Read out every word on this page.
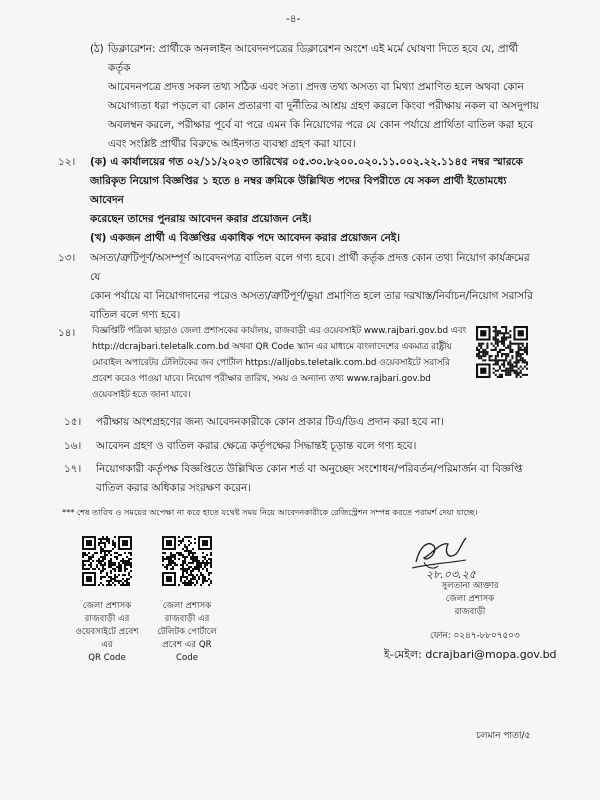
-৪-
(ঠ) ডিক্লারেশন: প্রার্থীকে অনলাইন আবেদনপত্রের ডিক্লারেশন অংশে এই মর্মে ঘোষণা দিতে হবে যে, প্রার্থী কর্তৃক
আবেদনপত্রে প্রদত্ত সকল তথ্য সঠিক এবং সত্য। প্রদত্ত তথ্য অসত্য বা মিথ্যা প্রমাণিত হলে অথবা কোন
অযোগ্যতা ধরা পড়লে বা কোন প্রতারণা বা দুর্নীতির আশ্রয় গ্রহণ করলে কিংবা পরীক্ষায় নকল বা অসদুপায়
অবলম্বন করলে, পরীক্ষার পূর্বে বা পরে এমন কি নিয়োগের পরে যে কোন পর্যায়ে প্রার্থিতা বাতিল করা হবে
এবং সংশ্লিষ্ট প্রার্থীর বিরুদ্ধে আইনগত ব্যবস্থা গ্রহণ করা যাবে।
১২। (ক) এ কার্যালয়ের গত ০২/১১/২০২৩ তারিখের ০৫.৩০.৮২০০.০২০.১১.০০২.২২.১১৪৫ নম্বর স্মারকে
জারিকৃত নিয়োগ বিজ্ঞপ্তির ১ হতে ৪ নম্বর ক্রমিকে উল্লিখিত পদের বিপরীতে যে সকল প্রার্থী ইতোমধ্যে আবেদন
করেছেন তাদের পুনরায় আবেদন করার প্রয়োজন নেই।
(খ) একজন প্রার্থী এ বিজ্ঞপ্তির একাধিক পদে আবেদন করার প্রয়োজন নেই।
১৩। অসত্য/ত্রুটিপূর্ণ/অসম্পূর্ণ আবেদনপত্র বাতিল বলে গণ্য হবে। প্রার্থী কর্তৃক প্রদত্ত কোন তথ্য নিয়োগ কার্যক্রমের যে
কোন পর্যায়ে বা নিয়োগদানের পরেও অসত্য/ত্রুটিপূর্ণ/ভুয়া প্রমাণিত হলে তার দরখাস্ত/নির্বাচন/নিয়োগ সরাসরি
বাতিল বলে গণ্য হবে।
১৪। বিজ্ঞপ্তিটি পত্রিকা ছাড়াও জেলা প্রশাসকের কার্যালয়, রাজবাড়ী এর ওয়েবসাইট www.rajbari.gov.bd এবং
http://dcrajbari.teletalk.com.bd অথবা QR Code স্ক্যান এর মাধ্যমে বাংলাদেশের একমাত্র রাষ্ট্রীয়
মোবাইল অপারেটর টেলিটকের জব পোর্টাল https://alljobs.teletalk.com.bd ওয়েবসাইটে সরাসরি
প্রবেশ করেও পাওয়া যাবে। নিয়োগ পরীক্ষার তারিখ, সময় ও অন্যান্য তথ্য www.rajbari.gov.bd
ওয়েবসাইট হতে জানা যাবে।
১৫। পরীক্ষায় অংশগ্রহণের জন্য আবেদনকারীকে কোন প্রকার টিএ/ডিএ প্রদান করা হবে না।
১৬। আবেদন গ্রহণ ও বাতিল করার ক্ষেত্রে কর্তৃপক্ষের সিদ্ধান্তই চূড়ান্ত বলে গণ্য হবে।
১৭। নিয়োগকারী কর্তৃপক্ষ বিজ্ঞপ্তিতে উল্লিখিত কোন শর্ত বা অনুচ্ছেদ সংশোধন/পরিবর্তন/পরিমার্জন বা বিজ্ঞপ্তি
বাতিল করার অধিকার সংরক্ষণ করেন।
*** শেষ তারিখ ও সময়ের অপেক্ষা না করে হাতে যথেষ্ট সময় নিয়ে আবেদনকারীকে রেজিস্ট্রেশন সম্পন্ন করতে পরামর্শ দেয়া যাচ্ছে।
জেলা প্রশাসক
রাজবাড়ী এর
ওয়েবসাইটে প্রবেশ
এর
QR Code
জেলা প্রশাসক
রাজবাড়ী এর
টেলিটক পোর্টালে
প্রবেশ এর QR
Code
২৮.০৩.২৫
সুলতানা আক্তার
জেলা প্রশাসক
রাজবাড়ী
ফোন: ০২৪৭-৮৮০৭৫০৩
ই-মেইল: dcrajbari@mopa.gov.bd
চলমান পাতা/৫
